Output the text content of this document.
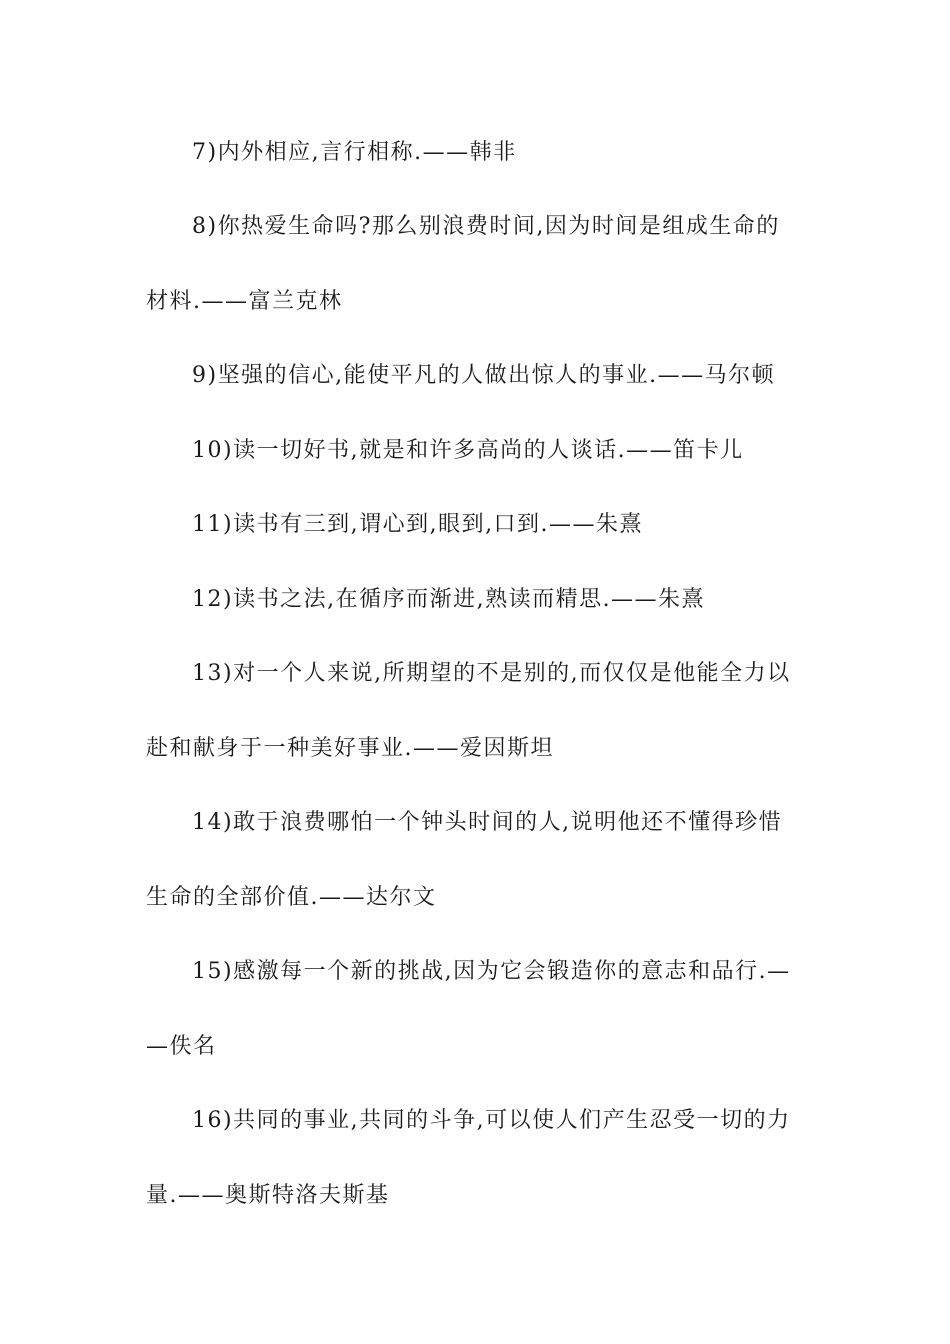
7)内外相应,言行相称.——韩非
8)你热爱生命吗?那么别浪费时间,因为时间是组成生命的
材料.——富兰克林
9)坚强的信心,能使平凡的人做出惊人的事业.——马尔顿
10)读一切好书,就是和许多高尚的人谈话.——笛卡儿
11)读书有三到,谓心到,眼到,口到.——朱熹
12)读书之法,在循序而渐进,熟读而精思.——朱熹
13)对一个人来说,所期望的不是别的,而仅仅是他能全力以
赴和献身于一种美好事业.——爱因斯坦
14)敢于浪费哪怕一个钟头时间的人,说明他还不懂得珍惜
生命的全部价值.——达尔文
15)感激每一个新的挑战,因为它会锻造你的意志和品行.—
—佚名
16)共同的事业,共同的斗争,可以使人们产生忍受一切的力
量.——奥斯特洛夫斯基
